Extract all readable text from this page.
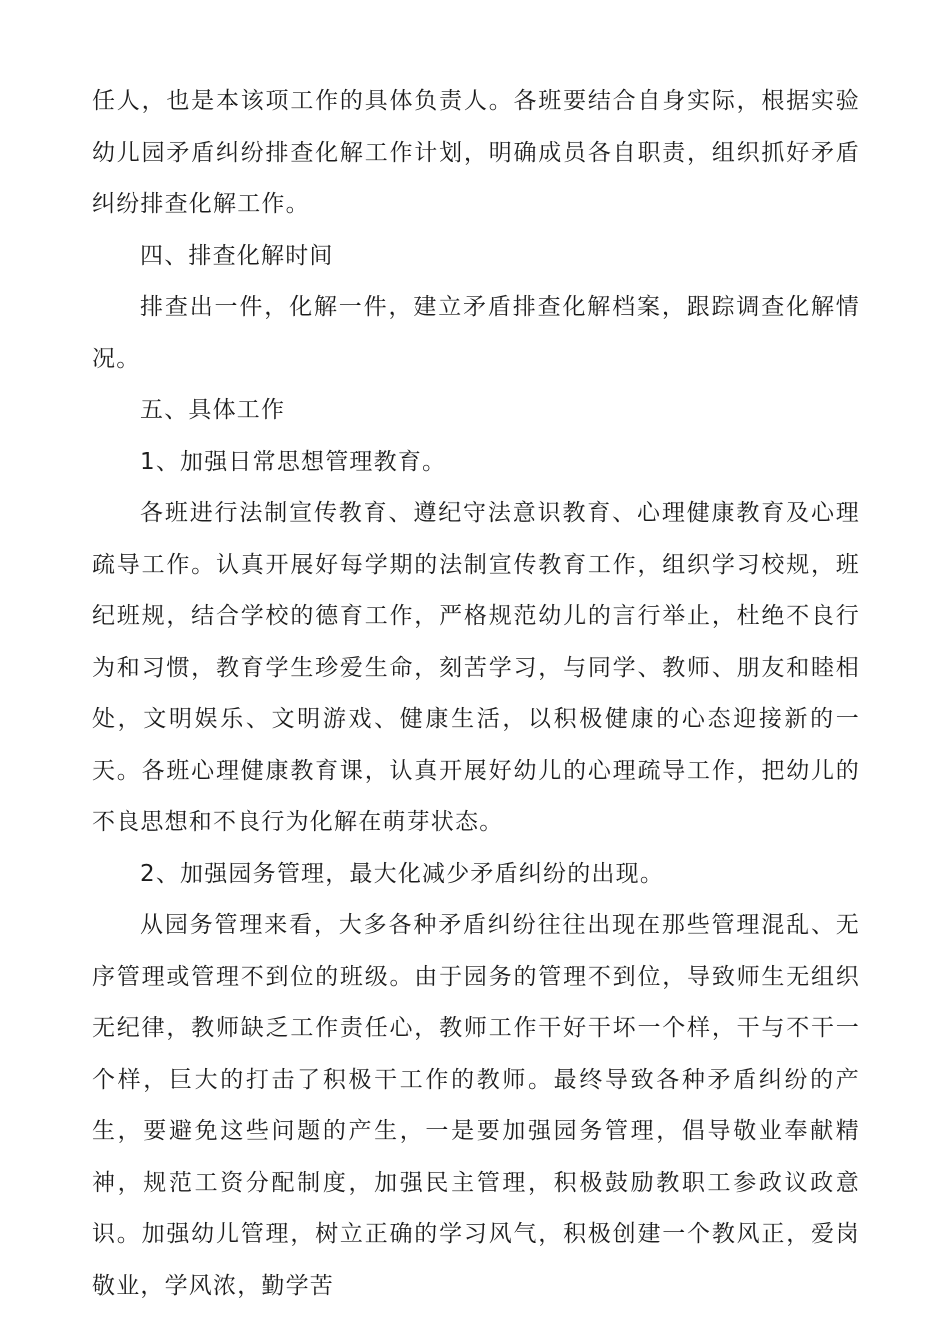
任人，也是本该项工作的具体负责人。各班要结合自身实际，根据实验幼儿园矛盾纠纷排查化解工作计划，明确成员各自职责，组织抓好矛盾纠纷排查化解工作。

四、排查化解时间

排查出一件，化解一件，建立矛盾排查化解档案，跟踪调查化解情况。

五、具体工作

1、加强日常思想管理教育。

各班进行法制宣传教育、遵纪守法意识教育、心理健康教育及心理疏导工作。认真开展好每学期的法制宣传教育工作，组织学习校规，班纪班规，结合学校的德育工作，严格规范幼儿的言行举止，杜绝不良行为和习惯，教育学生珍爱生命，刻苦学习，与同学、教师、朋友和睦相处，文明娱乐、文明游戏、健康生活，以积极健康的心态迎接新的一天。各班心理健康教育课，认真开展好幼儿的心理疏导工作，把幼儿的不良思想和不良行为化解在萌芽状态。

2、加强园务管理，最大化减少矛盾纠纷的出现。

从园务管理来看，大多各种矛盾纠纷往往出现在那些管理混乱、无序管理或管理不到位的班级。由于园务的管理不到位，导致师生无组织无纪律，教师缺乏工作责任心，教师工作干好干坏一个样，干与不干一个样，巨大的打击了积极干工作的教师。最终导致各种矛盾纠纷的产生，要避免这些问题的产生，一是要加强园务管理，倡导敬业奉献精神，规范工资分配制度，加强民主管理，积极鼓励教职工参政议政意识。加强幼儿管理，树立正确的学习风气，积极创建一个教风正，爱岗敬业，学风浓，勤学苦
